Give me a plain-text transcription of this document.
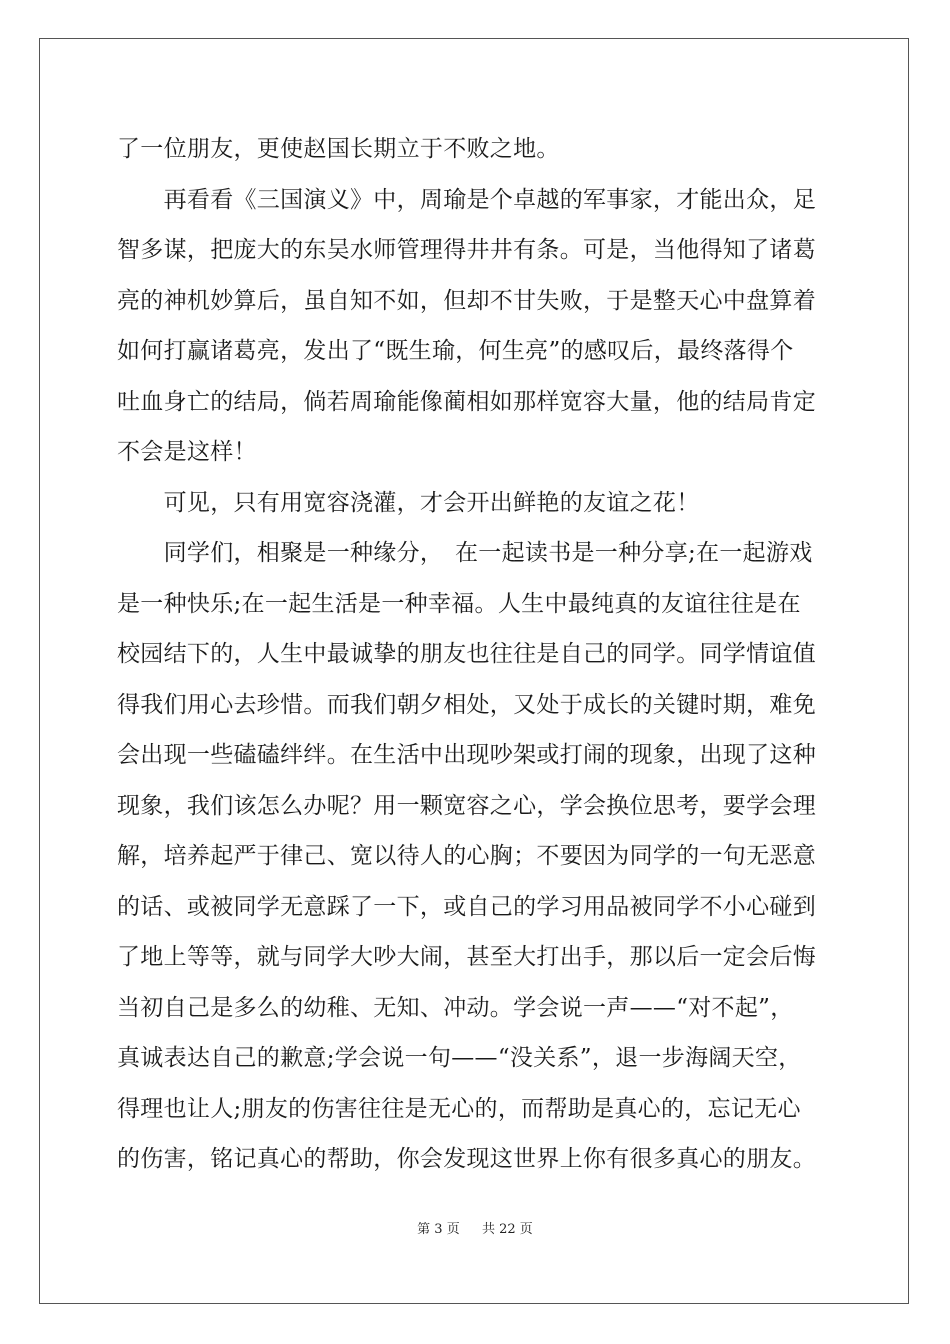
了一位朋友，更使赵国长期立于不败之地。
　　再看看《三国演义》中，周瑜是个卓越的军事家，才能出众，足
智多谋，把庞大的东吴水师管理得井井有条。可是，当他得知了诸葛
亮的神机妙算后，虽自知不如，但却不甘失败，于是整天心中盘算着
如何打赢诸葛亮，发出了“既生瑜，何生亮”的感叹后，最终落得个
吐血身亡的结局，倘若周瑜能像蔺相如那样宽容大量，他的结局肯定
不会是这样！
　　可见，只有用宽容浇灌，才会开出鲜艳的友谊之花！
　　同学们，相聚是一种缘分，　在一起读书是一种分享;在一起游戏
是一种快乐;在一起生活是一种幸福。人生中最纯真的友谊往往是在
校园结下的，人生中最诚挚的朋友也往往是自己的同学。同学情谊值
得我们用心去珍惜。而我们朝夕相处，又处于成长的关键时期，难免
会出现一些磕磕绊绊。在生活中出现吵架或打闹的现象，出现了这种
现象，我们该怎么办呢？用一颗宽容之心，学会换位思考，要学会理
解，培养起严于律己、宽以待人的心胸；不要因为同学的一句无恶意
的话、或被同学无意踩了一下，或自己的学习用品被同学不小心碰到
了地上等等，就与同学大吵大闹，甚至大打出手，那以后一定会后悔
当初自己是多么的幼稚、无知、冲动。学会说一声——“对不起”，
真诚表达自己的歉意;学会说一句——“没关系”，退一步海阔天空，
得理也让人;朋友的伤害往往是无心的，而帮助是真心的，忘记无心
的伤害，铭记真心的帮助，你会发现这世界上你有很多真心的朋友。
第 3 页 共 22 页
